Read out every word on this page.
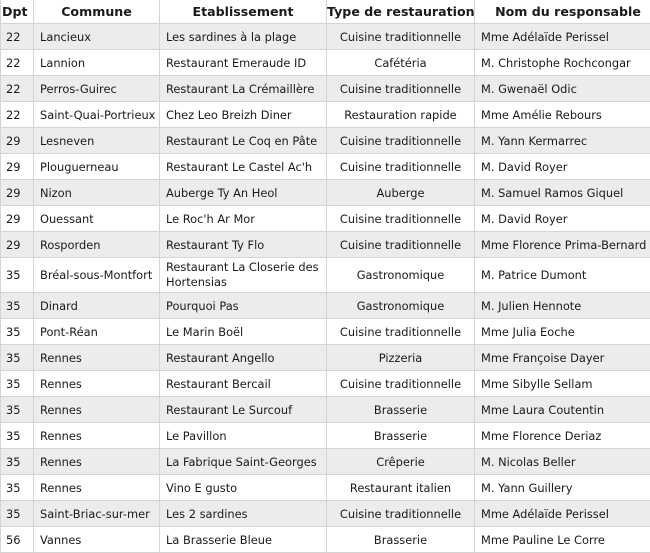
Dpt	Commune	Etablissement	Type de restauration	Nom du responsable
22	Lancieux	Les sardines à la plage	Cuisine traditionnelle	Mme Adélaïde Perissel
22	Lannion	Restaurant Emeraude ID	Cafétéria	M. Christophe Rochcongar
22	Perros-Guirec	Restaurant La Crémaillère	Cuisine traditionnelle	M. Gwenaël Odic
22	Saint-Quai-Portrieux	Chez Leo Breizh Diner	Restauration rapide	Mme Amélie Rebours
29	Lesneven	Restaurant Le Coq en Pâte	Cuisine traditionnelle	M. Yann Kermarrec
29	Plouguerneau	Restaurant Le Castel Ac'h	Cuisine traditionnelle	M. David Royer
29	Nizon	Auberge Ty An Heol	Auberge	M. Samuel Ramos Giquel
29	Ouessant	Le Roc'h Ar Mor	Cuisine traditionnelle	M. David Royer
29	Rosporden	Restaurant Ty Flo	Cuisine traditionnelle	Mme Florence Prima-Bernard
35	Bréal-sous-Montfort	Restaurant La Closerie des Hortensias	Gastronomique	M. Patrice Dumont
35	Dinard	Pourquoi Pas	Gastronomique	M. Julien Hennote
35	Pont-Réan	Le Marin Boël	Cuisine traditionnelle	Mme Julia Eoche
35	Rennes	Restaurant Angello	Pizzeria	Mme Françoise Dayer
35	Rennes	Restaurant Bercail	Cuisine traditionnelle	Mme Sibylle Sellam
35	Rennes	Restaurant Le Surcouf	Brasserie	Mme Laura Coutentin
35	Rennes	Le Pavillon	Brasserie	Mme Florence Deriaz
35	Rennes	La Fabrique Saint-Georges	Crêperie	M. Nicolas Beller
35	Rennes	Vino E gusto	Restaurant italien	M. Yann Guillery
35	Saint-Briac-sur-mer	Les 2 sardines	Cuisine traditionnelle	Mme Adélaïde Perissel
56	Vannes	La Brasserie Bleue	Brasserie	Mme Pauline Le Corre
